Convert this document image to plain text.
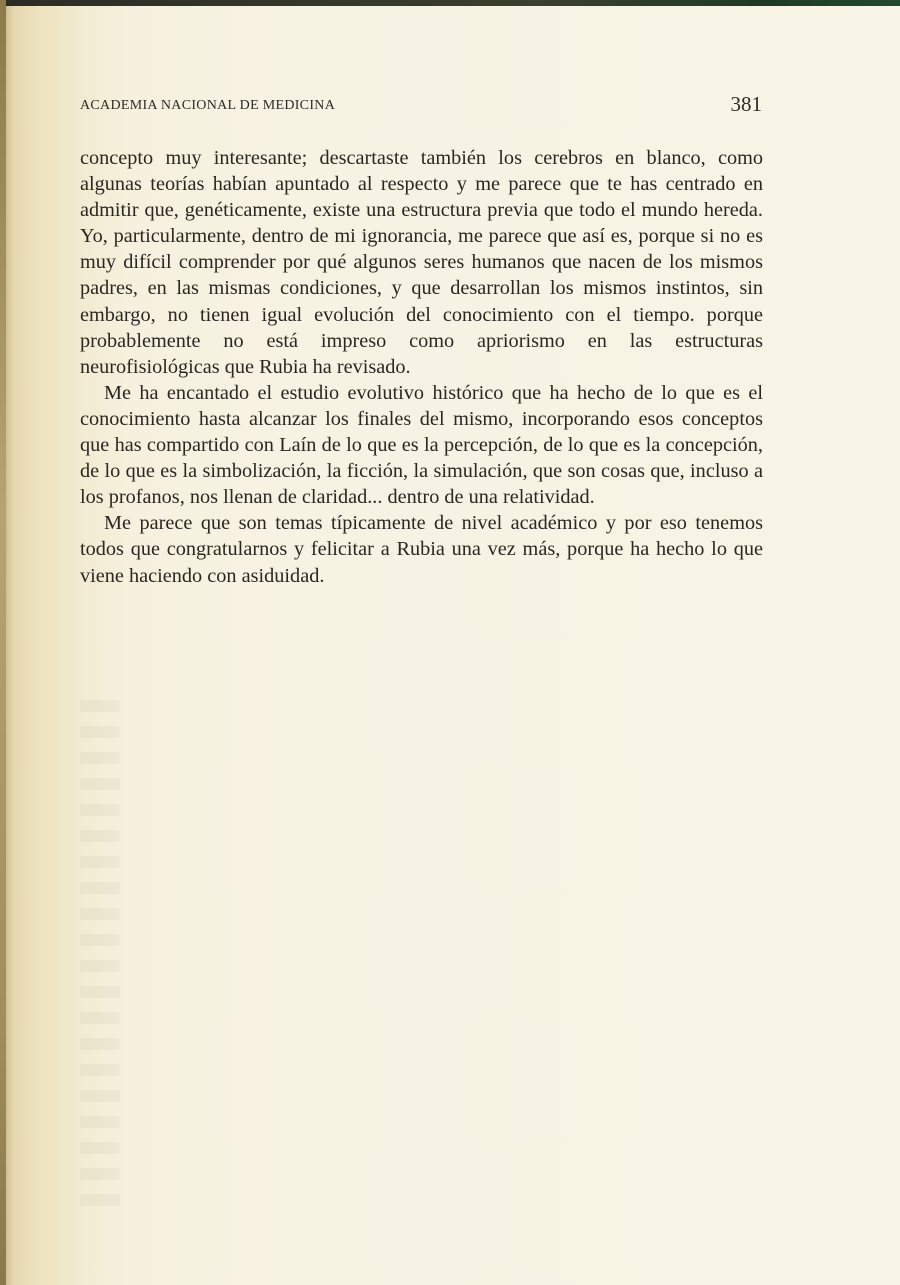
ACADEMIA NACIONAL DE MEDICINA	381

concepto muy interesante; descartaste también los cerebros en blanco, como algunas teorías habían apuntado al respecto y me parece que te has centrado en admitir que, genéticamente, existe una estructura previa que todo el mundo hereda. Yo, particularmente, dentro de mi ignorancia, me parece que así es, porque si no es muy difícil comprender por qué algunos seres humanos que nacen de los mismos padres, en las mismas condiciones, y que desarrollan los mismos instintos, sin embargo, no tienen igual evolución del conocimiento con el tiempo. porque probablemente no está impreso como apriorismo en las estructuras neurofisiológicas que Rubia ha revisado.

Me ha encantado el estudio evolutivo histórico que ha hecho de lo que es el conocimiento hasta alcanzar los finales del mismo, incorporando esos conceptos que has compartido con Laín de lo que es la percepción, de lo que es la concepción, de lo que es la simbolización, la ficción, la simulación, que son cosas que, incluso a los profanos, nos llenan de claridad... dentro de una relatividad.

Me parece que son temas típicamente de nivel académico y por eso tenemos todos que congratularnos y felicitar a Rubia una vez más, porque ha hecho lo que viene haciendo con asiduidad.
